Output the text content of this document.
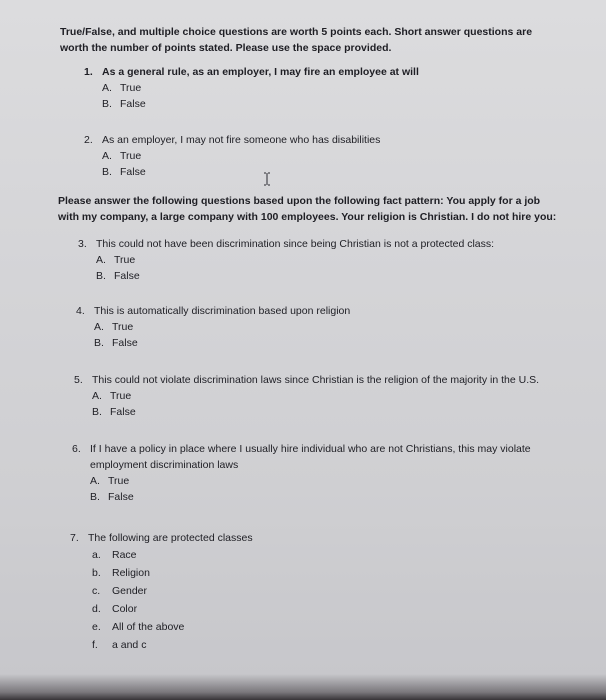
True/False, and multiple choice questions are worth 5 points each. Short answer questions are worth the number of points stated. Please use the space provided.
1. As a general rule, as an employer, I may fire an employee at will
A. True
B. False
2. As an employer, I may not fire someone who has disabilities
A. True
B. False
Please answer the following questions based upon the following fact pattern: You apply for a job with my company, a large company with 100 employees. Your religion is Christian. I do not hire you:
3. This could not have been discrimination since being Christian is not a protected class:
A. True
B. False
4. This is automatically discrimination based upon religion
A. True
B. False
5. This could not violate discrimination laws since Christian is the religion of the majority in the U.S.
A. True
B. False
6. If I have a policy in place where I usually hire individual who are not Christians, this may violate employment discrimination laws
A. True
B. False
7. The following are protected classes
a.	Race
b.	Religion
c.	Gender
d.	Color
e.	All of the above
f.	a and c
